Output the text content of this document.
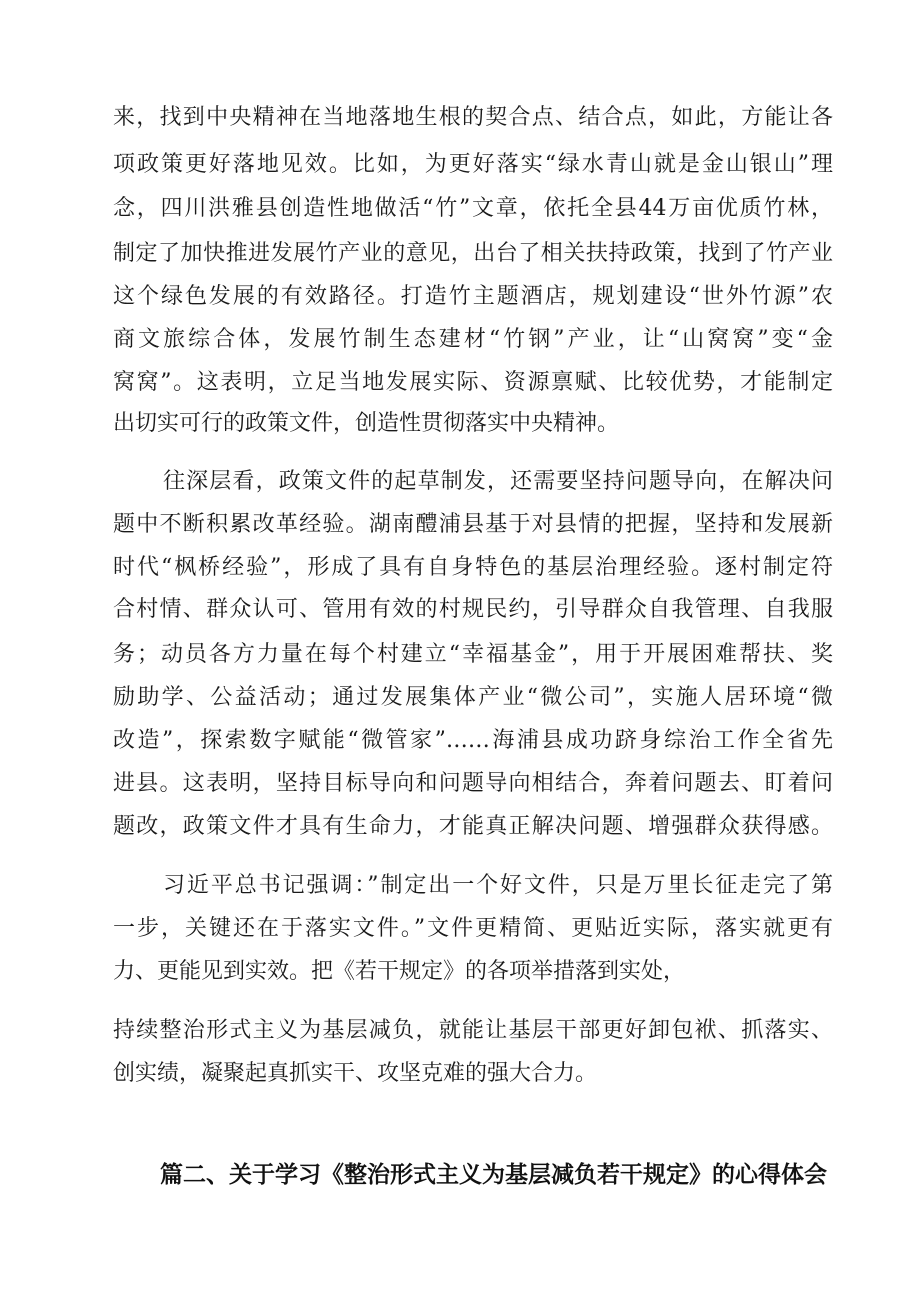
来，找到中央精神在当地落地生根的契合点、结合点，如此，方能让各
项政策更好落地见效。比如，为更好落实“绿水青山就是金山银山”理
念，四川洪雅县创造性地做活“竹”文章，依托全县44万亩优质竹林，
制定了加快推进发展竹产业的意见，出台了相关扶持政策，找到了竹产业
这个绿色发展的有效路径。打造竹主题酒店，规划建设“世外竹源”农
商文旅综合体，发展竹制生态建材“竹钢”产业，让“山窝窝”变“金
窝窝”。这表明，立足当地发展实际、资源禀赋、比较优势，才能制定
出切实可行的政策文件，创造性贯彻落实中央精神。
往深层看，政策文件的起草制发，还需要坚持问题导向，在解决问
题中不断积累改革经验。湖南醴浦县基于对县情的把握，坚持和发展新
时代“枫桥经验”，形成了具有自身特色的基层治理经验。逐村制定符
合村情、群众认可、管用有效的村规民约，引导群众自我管理、自我服
务；动员各方力量在每个村建立“幸福基金”，用于开展困难帮扶、奖
励助学、公益活动；通过发展集体产业“微公司”，实施人居环境“微
改造”，探索数字赋能“微管家”……海浦县成功跻身综治工作全省先
进县。这表明，坚持目标导向和问题导向相结合，奔着问题去、盯着问
题改，政策文件才具有生命力，才能真正解决问题、增强群众获得感。
习近平总书记强调：”制定出一个好文件，只是万里长征走完了第
一步，关键还在于落实文件。”文件更精简、更贴近实际，落实就更有
力、更能见到实效。把《若干规定》的各项举措落到实处，
持续整治形式主义为基层减负，就能让基层干部更好卸包袱、抓落实、
创实绩，凝聚起真抓实干、攻坚克难的强大合力。
篇二、关于学习《整治形式主义为基层减负若干规定》的心得体会
